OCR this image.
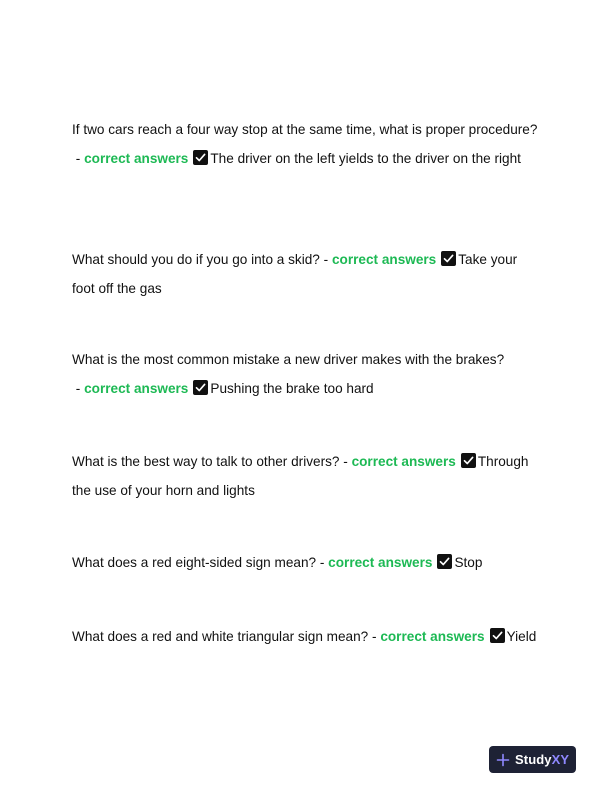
If two cars reach a four way stop at the same time, what is proper procedure? - correct answers The driver on the left yields to the driver on the right

What should you do if you go into a skid? - correct answers Take your foot off the gas

What is the most common mistake a new driver makes with the brakes? - correct answers Pushing the brake too hard

What is the best way to talk to other drivers? - correct answers Through the use of your horn and lights

What does a red eight-sided sign mean? - correct answers Stop

What does a red and white triangular sign mean? - correct answers Yield

StudyXY
